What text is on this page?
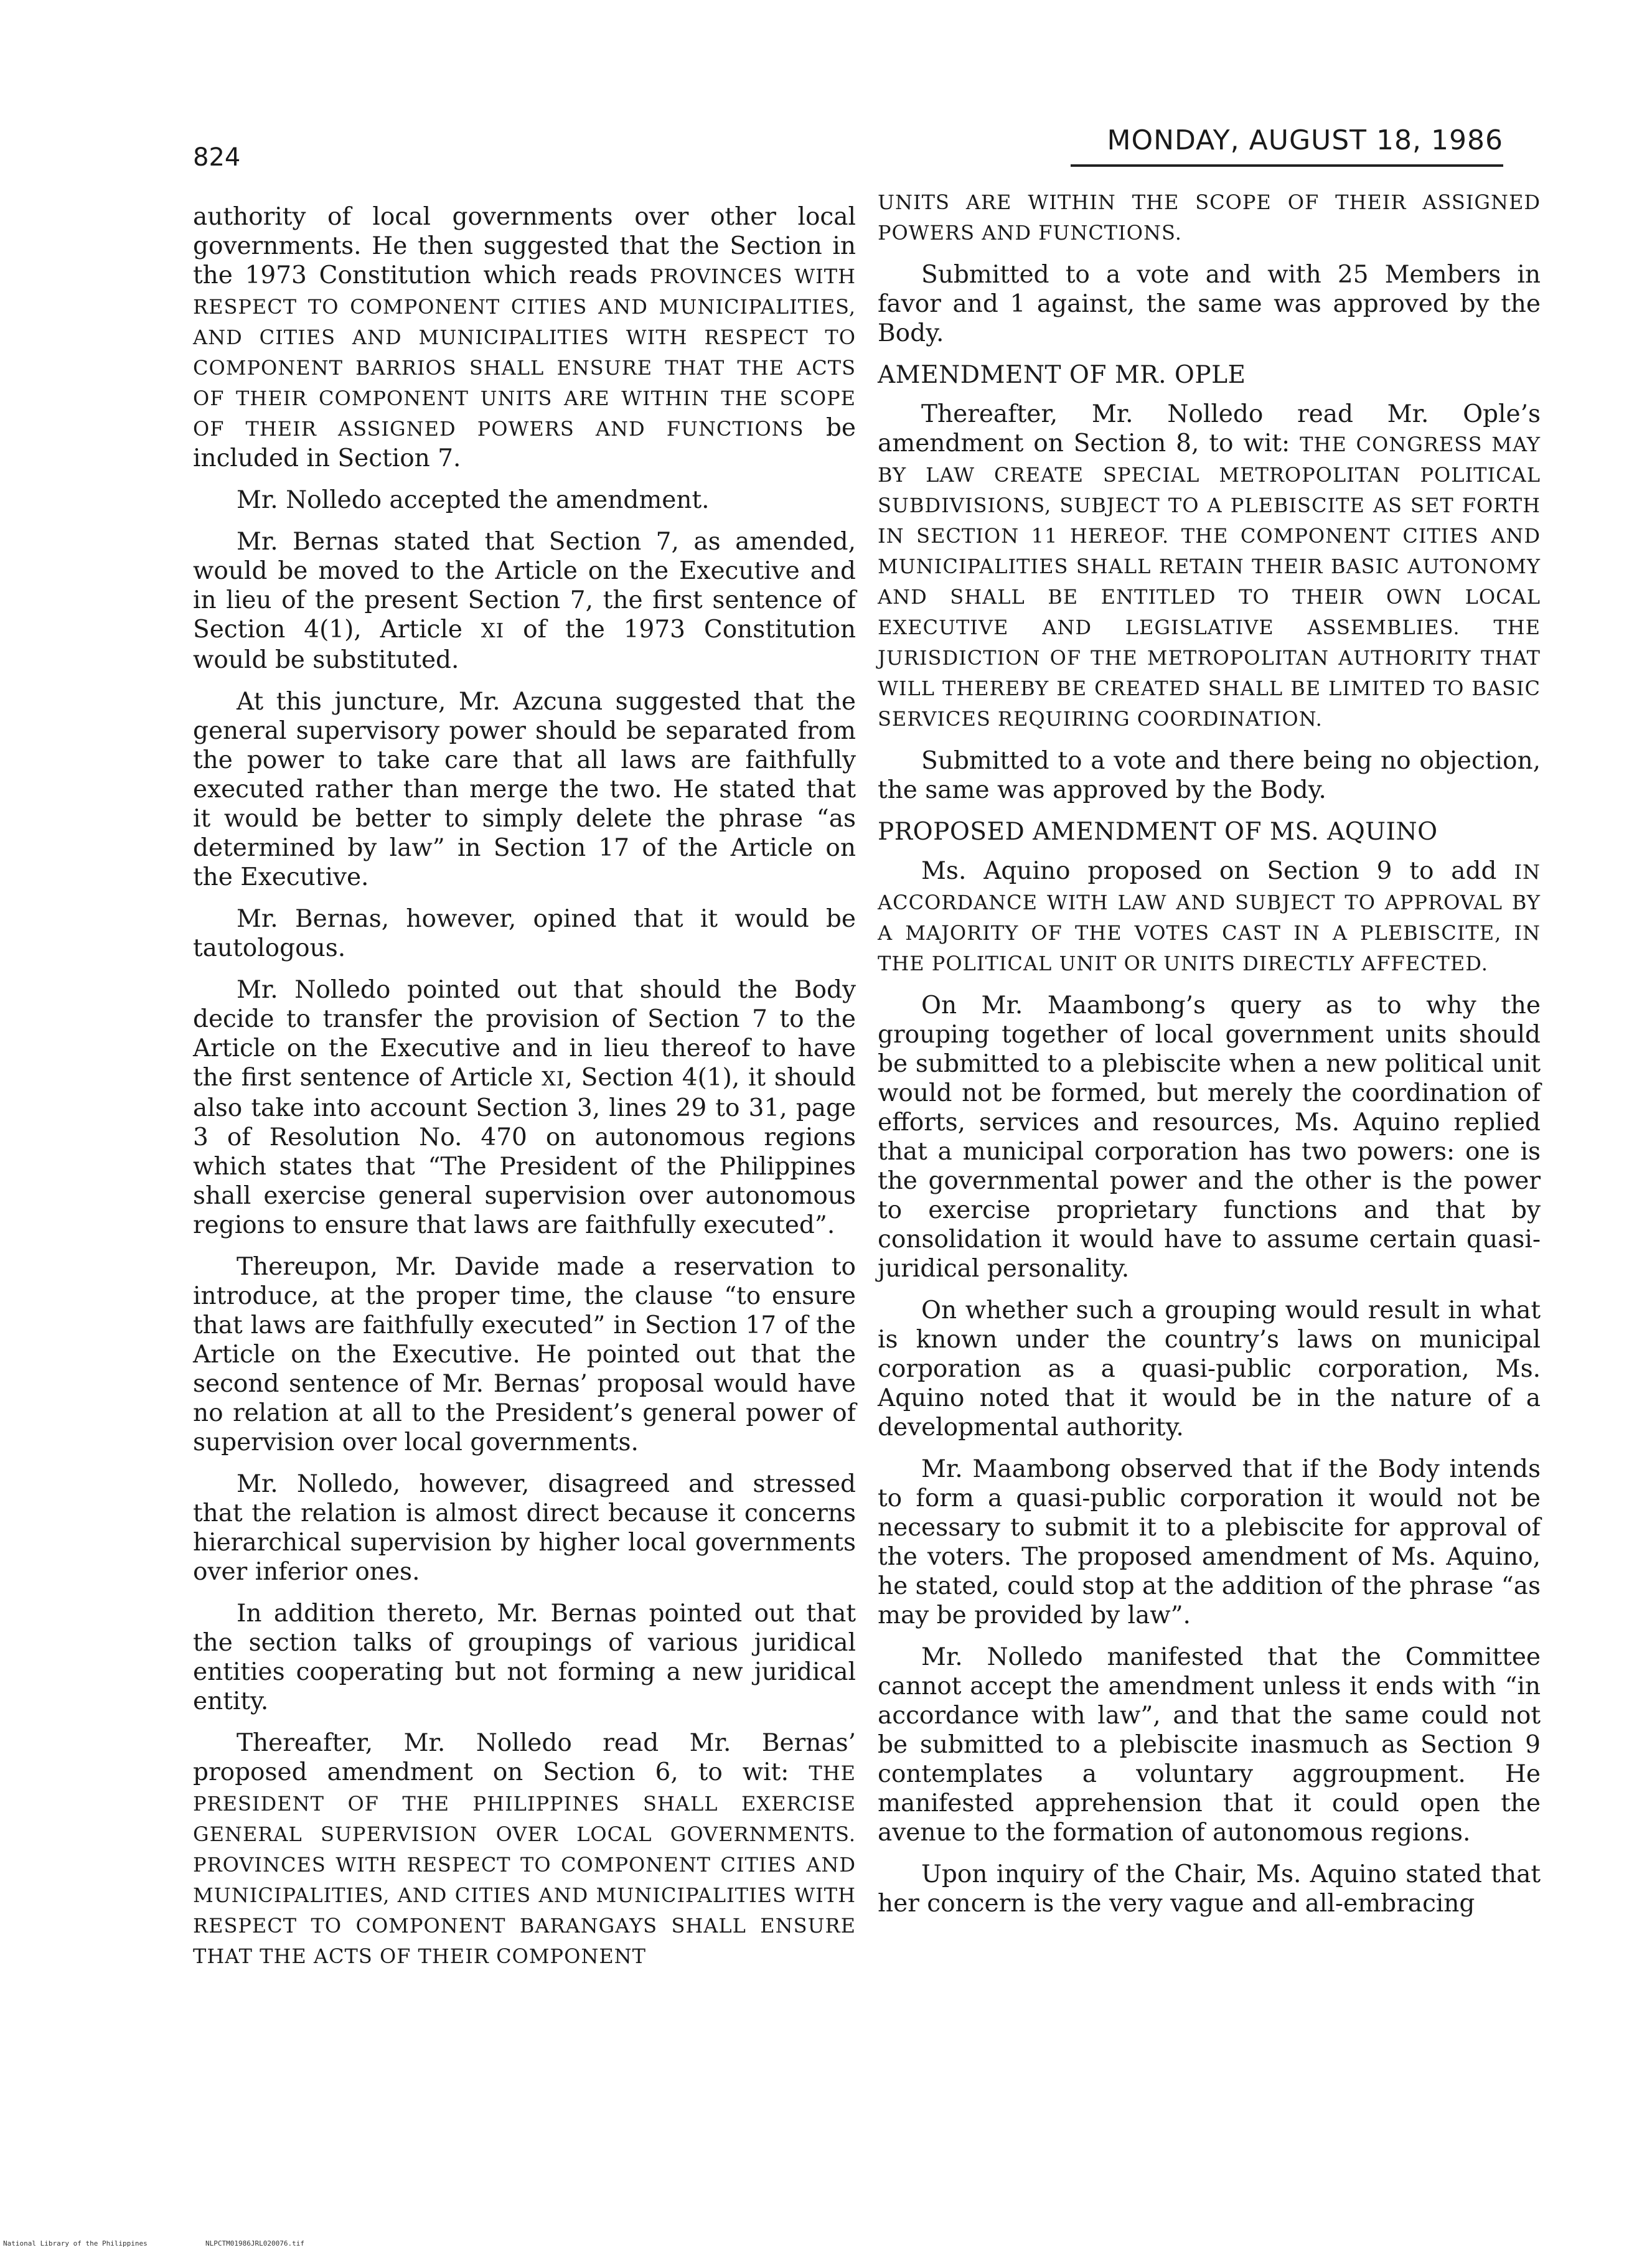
824
MONDAY, AUGUST 18, 1986

authority of local governments over other local governments. He then suggested that the Section in the 1973 Constitution which reads PROVINCES WITH RESPECT TO COMPONENT CITIES AND MUNICIPALITIES, AND CITIES AND MUNICIPALITIES WITH RESPECT TO COMPONENT BARRIOS SHALL ENSURE THAT THE ACTS OF THEIR COMPONENT UNITS ARE WITHIN THE SCOPE OF THEIR ASSIGNED POWERS AND FUNCTIONS be included in Section 7.

Mr. Nolledo accepted the amendment.

Mr. Bernas stated that Section 7, as amended, would be moved to the Article on the Executive and in lieu of the present Section 7, the first sentence of Section 4(1), Article XI of the 1973 Constitution would be substituted.

At this juncture, Mr. Azcuna suggested that the general supervisory power should be separated from the power to take care that all laws are faithfully executed rather than merge the two. He stated that it would be better to simply delete the phrase “as determined by law” in Section 17 of the Article on the Executive.

Mr. Bernas, however, opined that it would be tautologous.

Mr. Nolledo pointed out that should the Body decide to transfer the provision of Section 7 to the Article on the Executive and in lieu thereof to have the first sentence of Article XI, Section 4(1), it should also take into account Section 3, lines 29 to 31, page 3 of Resolution No. 470 on autonomous regions which states that “The President of the Philippines shall exercise general supervision over autonomous regions to ensure that laws are faithfully executed”.

Thereupon, Mr. Davide made a reservation to introduce, at the proper time, the clause “to ensure that laws are faithfully executed” in Section 17 of the Article on the Executive. He pointed out that the second sentence of Mr. Bernas’ proposal would have no relation at all to the President’s general power of supervision over local governments.

Mr. Nolledo, however, disagreed and stressed that the relation is almost direct because it concerns hierarchical supervision by higher local governments over inferior ones.

In addition thereto, Mr. Bernas pointed out that the section talks of groupings of various juridical entities cooperating but not forming a new juridical entity.

Thereafter, Mr. Nolledo read Mr. Bernas’ proposed amendment on Section 6, to wit: THE PRESIDENT OF THE PHILIPPINES SHALL EXERCISE GENERAL SUPERVISION OVER LOCAL GOVERNMENTS. PROVINCES WITH RESPECT TO COMPONENT CITIES AND MUNICIPALITIES, AND CITIES AND MUNICIPALITIES WITH RESPECT TO COMPONENT BARANGAYS SHALL ENSURE THAT THE ACTS OF THEIR COMPONENT

UNITS ARE WITHIN THE SCOPE OF THEIR ASSIGNED POWERS AND FUNCTIONS.

Submitted to a vote and with 25 Members in favor and 1 against, the same was approved by the Body.

AMENDMENT OF MR. OPLE

Thereafter, Mr. Nolledo read Mr. Ople’s amendment on Section 8, to wit: THE CONGRESS MAY BY LAW CREATE SPECIAL METROPOLITAN POLITICAL SUBDIVISIONS, SUBJECT TO A PLEBISCITE AS SET FORTH IN SECTION 11 HEREOF. THE COMPONENT CITIES AND MUNICIPALITIES SHALL RETAIN THEIR BASIC AUTONOMY AND SHALL BE ENTITLED TO THEIR OWN LOCAL EXECUTIVE AND LEGISLATIVE ASSEMBLIES. THE JURISDICTION OF THE METROPOLITAN AUTHORITY THAT WILL THEREBY BE CREATED SHALL BE LIMITED TO BASIC SERVICES REQUIRING COORDINATION.

Submitted to a vote and there being no objection, the same was approved by the Body.

PROPOSED AMENDMENT OF MS. AQUINO

Ms. Aquino proposed on Section 9 to add IN ACCORDANCE WITH LAW AND SUBJECT TO APPROVAL BY A MAJORITY OF THE VOTES CAST IN A PLEBISCITE, IN THE POLITICAL UNIT OR UNITS DIRECTLY AFFECTED.

On Mr. Maambong’s query as to why the grouping together of local government units should be submitted to a plebiscite when a new political unit would not be formed, but merely the coordination of efforts, services and resources, Ms. Aquino replied that a municipal corporation has two powers: one is the governmental power and the other is the power to exercise proprietary functions and that by consolidation it would have to assume certain quasi-juridical personality.

On whether such a grouping would result in what is known under the country’s laws on municipal corporation as a quasi-public corporation, Ms. Aquino noted that it would be in the nature of a developmental authority.

Mr. Maambong observed that if the Body intends to form a quasi-public corporation it would not be necessary to submit it to a plebiscite for approval of the voters. The proposed amendment of Ms. Aquino, he stated, could stop at the addition of the phrase “as may be provided by law”.

Mr. Nolledo manifested that the Committee cannot accept the amendment unless it ends with “in accordance with law”, and that the same could not be submitted to a plebiscite inasmuch as Section 9 contemplates a voluntary aggroupment. He manifested apprehension that it could open the avenue to the formation of autonomous regions.

Upon inquiry of the Chair, Ms. Aquino stated that her concern is the very vague and all-embracing

National Library of the Philippines	NLPCTM01986JRL020076.tif
